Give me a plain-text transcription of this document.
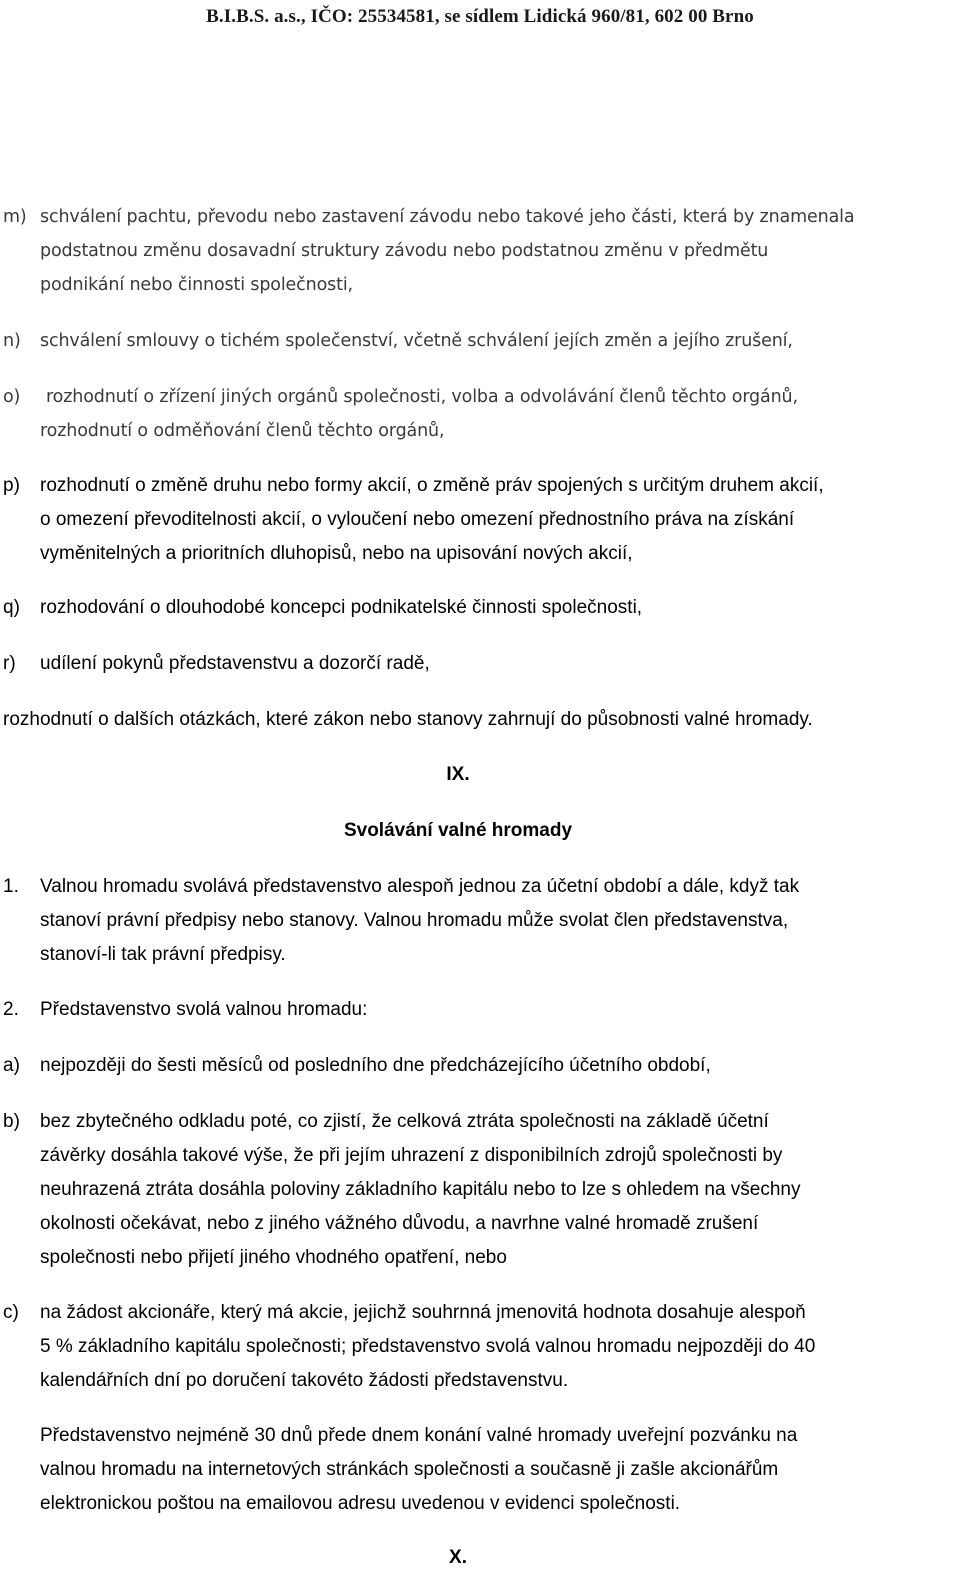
B.I.B.S. a.s., IČO: 25534581, se sídlem Lidická 960/81, 602 00 Brno
m) schválení pachtu, převodu nebo zastavení závodu nebo takové jeho části, která by znamenala
podstatnou změnu dosavadní struktury závodu nebo podstatnou změnu v předmětu
podnikání nebo činnosti společnosti,
n) schválení smlouvy o tichém společenství, včetně schválení jejích změn a jejího zrušení,
o) rozhodnutí o zřízení jiných orgánů společnosti, volba a odvolávání členů těchto orgánů,
rozhodnutí o odměňování členů těchto orgánů,
p) rozhodnutí o změně druhu nebo formy akcií, o změně práv spojených s určitým druhem akcií,
o omezení převoditelnosti akcií, o vyloučení nebo omezení přednostního práva na získání
vyměnitelných a prioritních dluhopisů, nebo na upisování nových akcií,
q) rozhodování o dlouhodobé koncepci podnikatelské činnosti společnosti,
r) udílení pokynů představenstvu a dozorčí radě,
rozhodnutí o dalších otázkách, které zákon nebo stanovy zahrnují do působnosti valné hromady.
IX.
Svolávání valné hromady
1. Valnou hromadu svolává představenstvo alespoň jednou za účetní období a dále, když tak
stanoví právní předpisy nebo stanovy. Valnou hromadu může svolat člen představenstva,
stanoví-li tak právní předpisy.
2. Představenstvo svolá valnou hromadu:
a) nejpozději do šesti měsíců od posledního dne předcházejícího účetního období,
b) bez zbytečného odkladu poté, co zjistí, že celková ztráta společnosti na základě účetní
závěrky dosáhla takové výše, že při jejím uhrazení z disponibilních zdrojů společnosti by
neuhrazená ztráta dosáhla poloviny základního kapitálu nebo to lze s ohledem na všechny
okolnosti očekávat, nebo z jiného vážného důvodu, a navrhne valné hromadě zrušení
společnosti nebo přijetí jiného vhodného opatření, nebo
c) na žádost akcionáře, který má akcie, jejichž souhrnná jmenovitá hodnota dosahuje alespoň
5 % základního kapitálu společnosti; představenstvo svolá valnou hromadu nejpozději do 40
kalendářních dní po doručení takovéto žádosti představenstvu.
Představenstvo nejméně 30 dnů přede dnem konání valné hromady uveřejní pozvánku na
valnou hromadu na internetových stránkách společnosti a současně ji zašle akcionářům
elektronickou poštou na emailovou adresu uvedenou v evidenci společnosti.
X.
